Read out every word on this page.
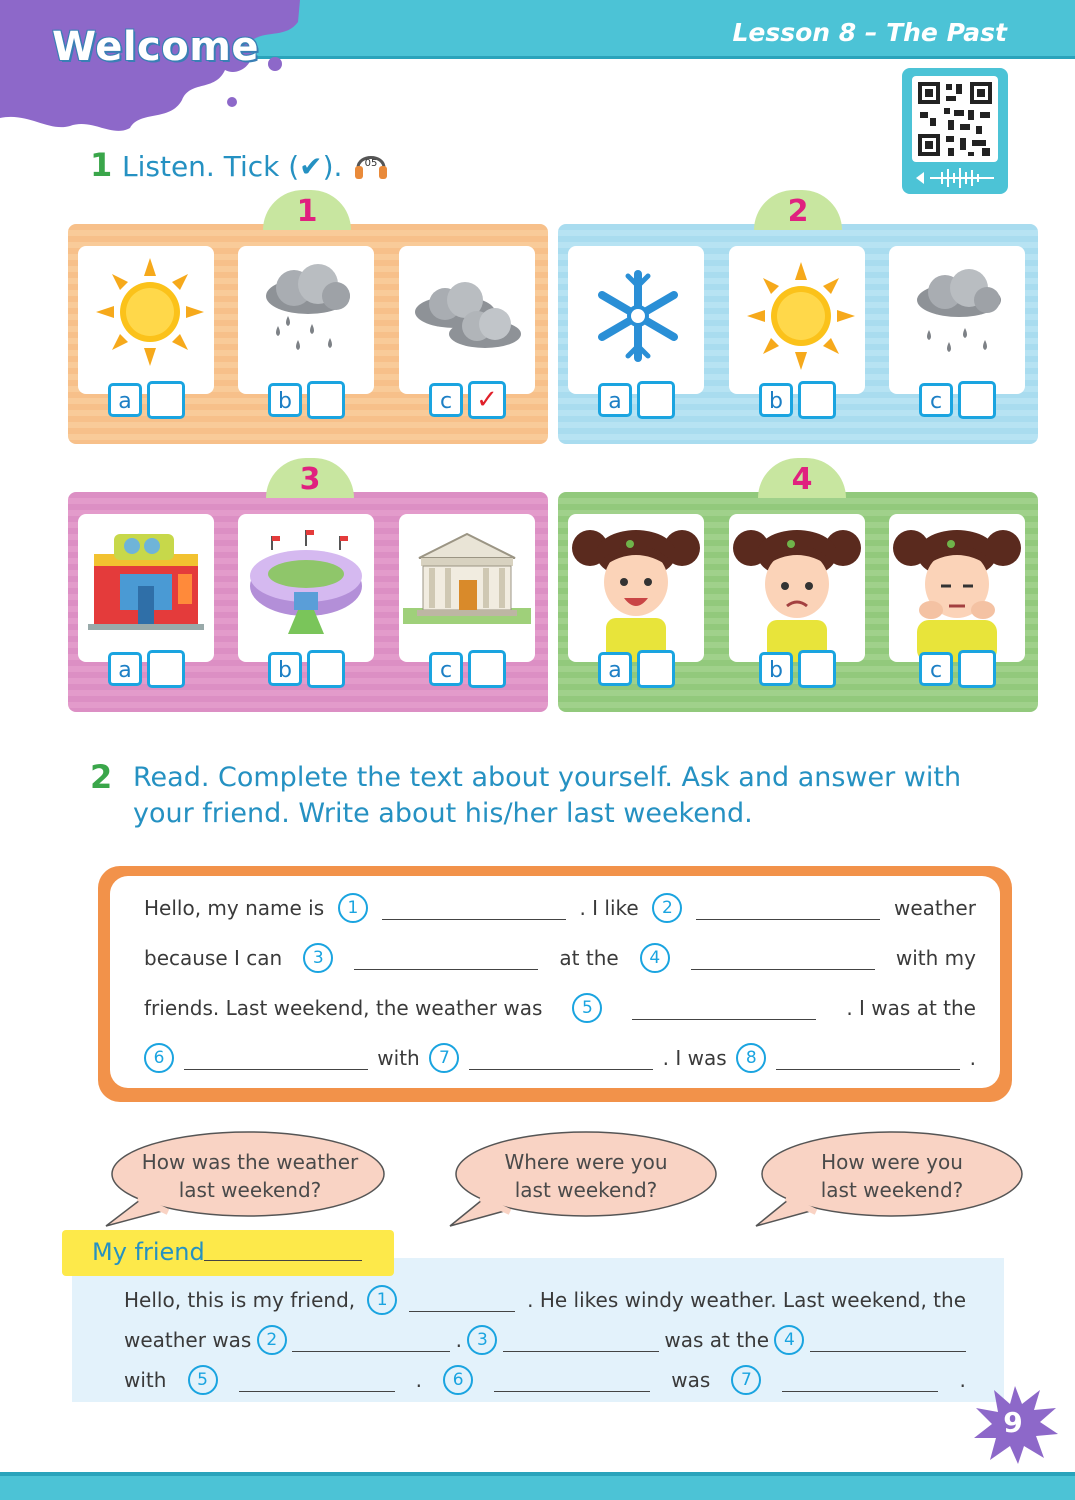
Welcome	Lesson 8 – The Past
1 Listen. Tick (✔). 05
1
a	b	c ✓
2
a	b	c
3
a	b	c
4
a	b	c
2 Read. Complete the text about yourself. Ask and answer with
your friend. Write about his/her last weekend.
Hello, my name is	1	. I like	2	weather
because I can	3	at the	4	with my
friends. Last weekend, the weather was	5	. I was at the
6	with	7	. I was	8	.
How was the weather
last weekend?
Where were you
last weekend?
How were you
last weekend?
My friend
Hello, this is my friend,	1	. He likes windy weather. Last weekend, the
weather was 2	. 3	was at the 4
with	5	.	6	was	7	.
9
